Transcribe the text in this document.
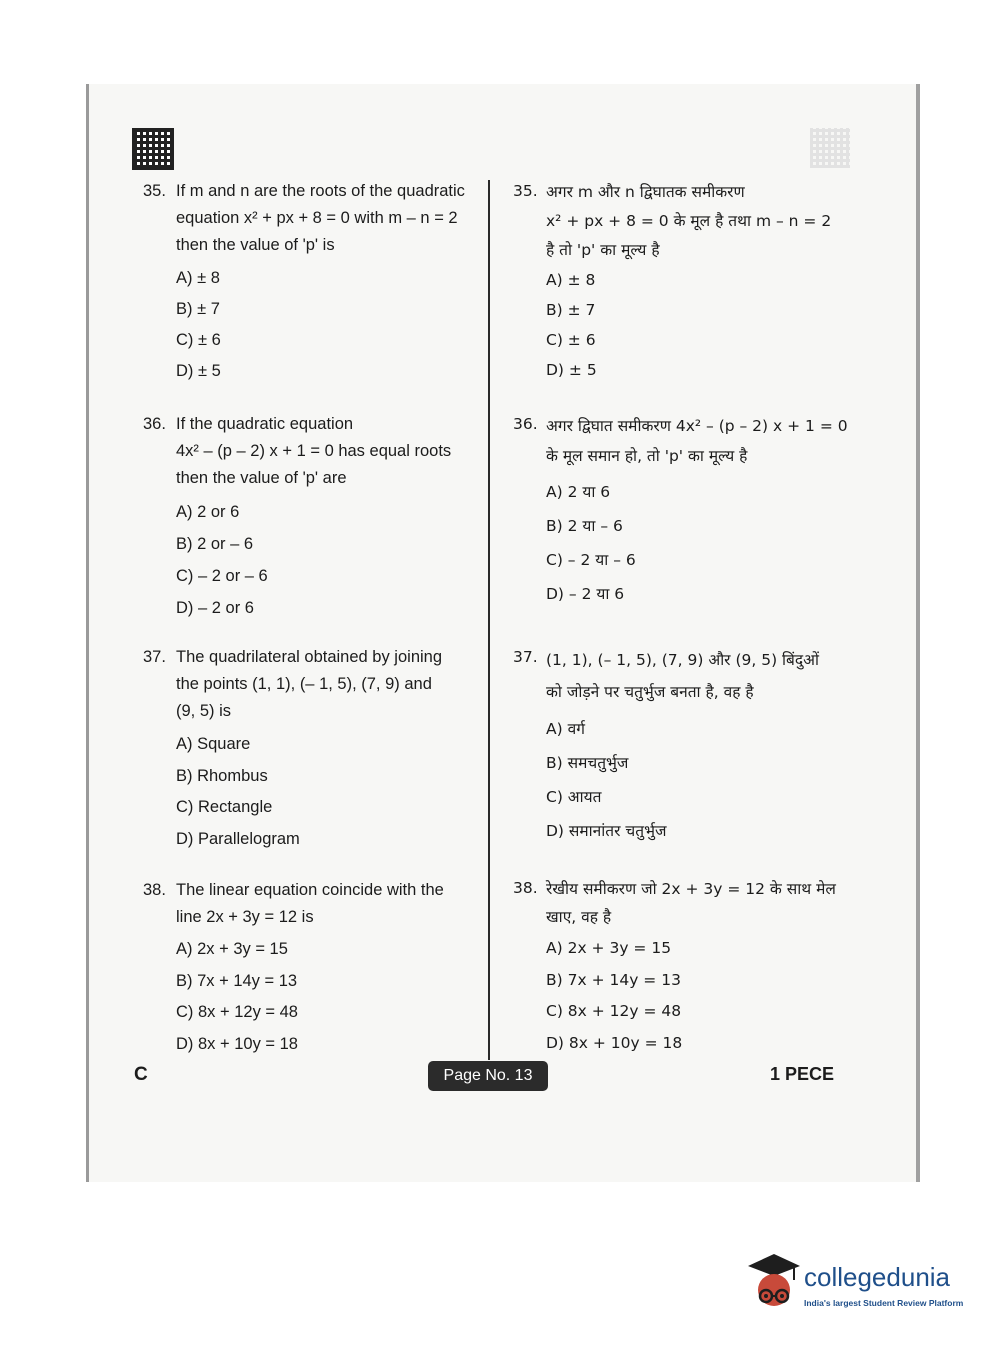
35. If m and n are the roots of the quadratic
equation x² + px + 8 = 0 with m – n = 2
then the value of 'p' is
A) ± 8
B) ± 7
C) ± 6
D) ± 5
36. If the quadratic equation
4x² – (p – 2) x + 1 = 0 has equal roots
then the value of 'p' are
A) 2 or 6
B) 2 or – 6
C) – 2 or – 6
D) – 2 or 6
37. The quadrilateral obtained by joining
the points (1, 1), (– 1, 5), (7, 9) and
(9, 5) is
A) Square
B) Rhombus
C) Rectangle
D) Parallelogram
38. The linear equation coincide with the
line 2x + 3y = 12 is
A) 2x + 3y = 15
B) 7x + 14y = 13
C) 8x + 12y = 48
D) 8x + 10y = 18
35. अगर m और n द्विघातक समीकरण
x² + px + 8 = 0 के मूल है तथा m – n = 2
है तो 'p' का मूल्य है
A) ± 8
B) ± 7
C) ± 6
D) ± 5
36. अगर द्विघात समीकरण 4x² – (p – 2) x + 1 = 0
के मूल समान हो, तो 'p' का मूल्य है
A) 2 या 6
B) 2 या – 6
C) – 2 या – 6
D) – 2 या 6
37. (1, 1), (– 1, 5), (7, 9) और (9, 5) बिंदुओं
को जोड़ने पर चतुर्भुज बनता है, वह है
A) वर्ग
B) समचतुर्भुज
C) आयत
D) समानांतर चतुर्भुज
38. रेखीय समीकरण जो 2x + 3y = 12 के साथ मेल
खाए, वह है
A) 2x + 3y = 15
B) 7x + 14y = 13
C) 8x + 12y = 48
D) 8x + 10y = 18
C	Page No. 13	1 PECE
collegedunia
India's largest Student Review Platform
